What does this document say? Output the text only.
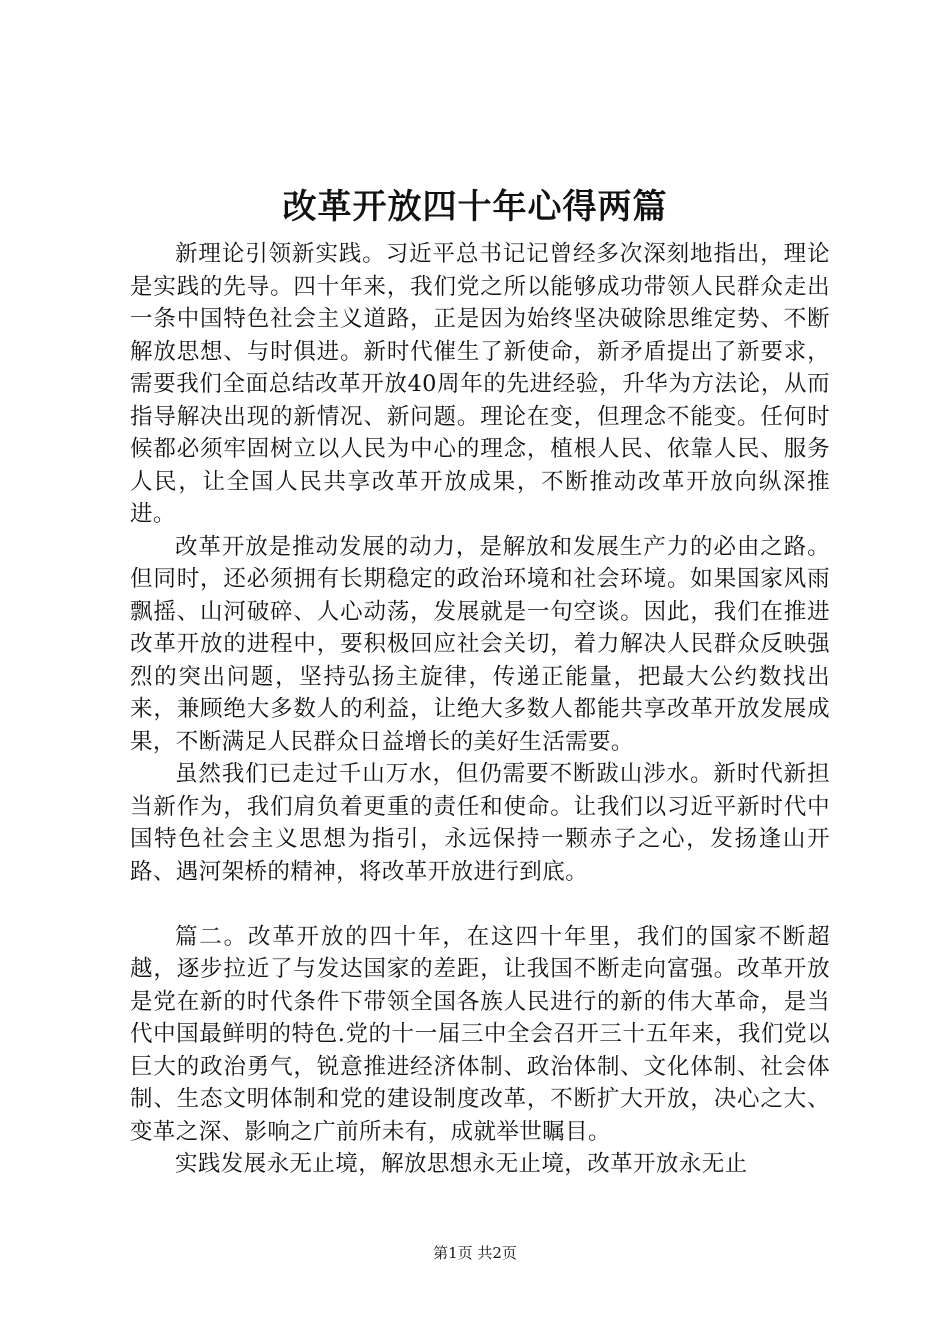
改革开放四十年心得两篇

新理论引领新实践。习近平总书记记曾经多次深刻地指出，理论是实践的先导。四十年来，我们党之所以能够成功带领人民群众走出一条中国特色社会主义道路，正是因为始终坚决破除思维定势、不断解放思想、与时俱进。新时代催生了新使命，新矛盾提出了新要求，需要我们全面总结改革开放40周年的先进经验，升华为方法论，从而指导解决出现的新情况、新问题。理论在变，但理念不能变。任何时候都必须牢固树立以人民为中心的理念，植根人民、依靠人民、服务人民，让全国人民共享改革开放成果，不断推动改革开放向纵深推进。

改革开放是推动发展的动力，是解放和发展生产力的必由之路。但同时，还必须拥有长期稳定的政治环境和社会环境。如果国家风雨飘摇、山河破碎、人心动荡，发展就是一句空谈。因此，我们在推进改革开放的进程中，要积极回应社会关切，着力解决人民群众反映强烈的突出问题，坚持弘扬主旋律，传递正能量，把最大公约数找出来，兼顾绝大多数人的利益，让绝大多数人都能共享改革开放发展成果，不断满足人民群众日益增长的美好生活需要。

虽然我们已走过千山万水，但仍需要不断跋山涉水。新时代新担当新作为，我们肩负着更重的责任和使命。让我们以习近平新时代中国特色社会主义思想为指引，永远保持一颗赤子之心，发扬逢山开路、遇河架桥的精神，将改革开放进行到底。

篇二。改革开放的四十年，在这四十年里，我们的国家不断超越，逐步拉近了与发达国家的差距，让我国不断走向富强。改革开放是党在新的时代条件下带领全国各族人民进行的新的伟大革命，是当代中国最鲜明的特色.党的十一届三中全会召开三十五年来，我们党以巨大的政治勇气，锐意推进经济体制、政治体制、文化体制、社会体制、生态文明体制和党的建设制度改革，不断扩大开放，决心之大、变革之深、影响之广前所未有，成就举世瞩目。

实践发展永无止境，解放思想永无止境，改革开放永无止

第1页 共2页
